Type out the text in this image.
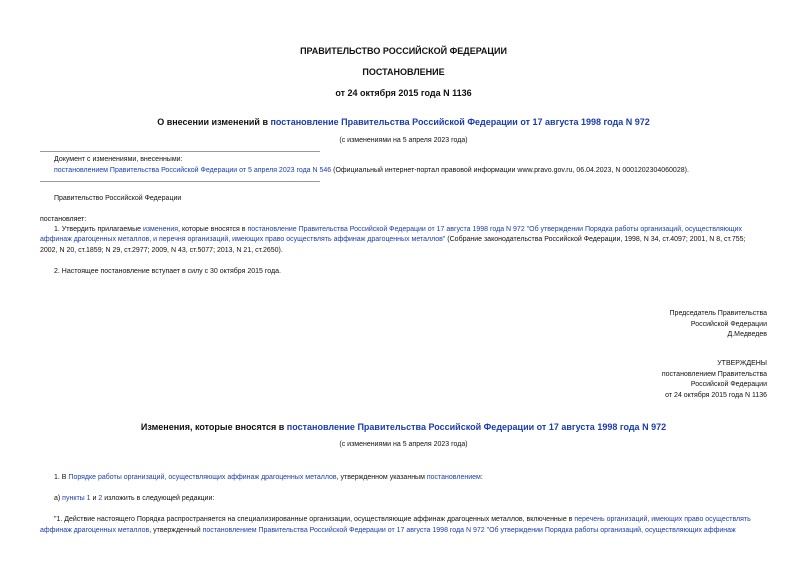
ПРАВИТЕЛЬСТВО РОССИЙСКОЙ ФЕДЕРАЦИИ
ПОСТАНОВЛЕНИЕ
от 24 октября 2015 года N 1136
О внесении изменений в постановление Правительства Российской Федерации от 17 августа 1998 года N 972
(с изменениями на 5 апреля 2023 года)
Документ с изменениями, внесенными:
постановлением Правительства Российской Федерации от 5 апреля 2023 года N 546 (Официальный интернет-портал правовой информации www.pravo.gov.ru, 06.04.2023, N 0001202304060028).
Правительство Российской Федерации
постановляет:
1. Утвердить прилагаемые изменения, которые вносятся в постановление Правительства Российской Федерации от 17 августа 1998 года N 972 "Об утверждении Порядка работы организаций, осуществляющих
аффинаж драгоценных металлов, и перечня организаций, имеющих право осуществлять аффинаж драгоценных металлов" (Собрание законодательства Российской Федерации, 1998, N 34, ст.4097; 2001, N 8, ст.755;
2002, N 20, ст.1859; N 29, ст.2977; 2009, N 43, ст.5077; 2013, N 21, ст.2650).
2. Настоящее постановление вступает в силу с 30 октября 2015 года.
Председатель Правительства
Российской Федерации
Д.Медведев
УТВЕРЖДЕНЫ
постановлением Правительства
Российской Федерации
от 24 октября 2015 года N 1136
Изменения, которые вносятся в постановление Правительства Российской Федерации от 17 августа 1998 года N 972
(с изменениями на 5 апреля 2023 года)
1. В Порядке работы организаций, осуществляющих аффинаж драгоценных металлов, утвержденном указанным постановлением:
а) пункты 1 и 2 изложить в следующей редакции:
"1. Действие настоящего Порядка распространяется на специализированные организации, осуществляющие аффинаж драгоценных металлов, включенные в перечень организаций, имеющих право осуществлять
аффинаж драгоценных металлов, утвержденный постановлением Правительства Российской Федерации от 17 августа 1998 года N 972 "Об утверждении Порядка работы организаций, осуществляющих аффинаж
